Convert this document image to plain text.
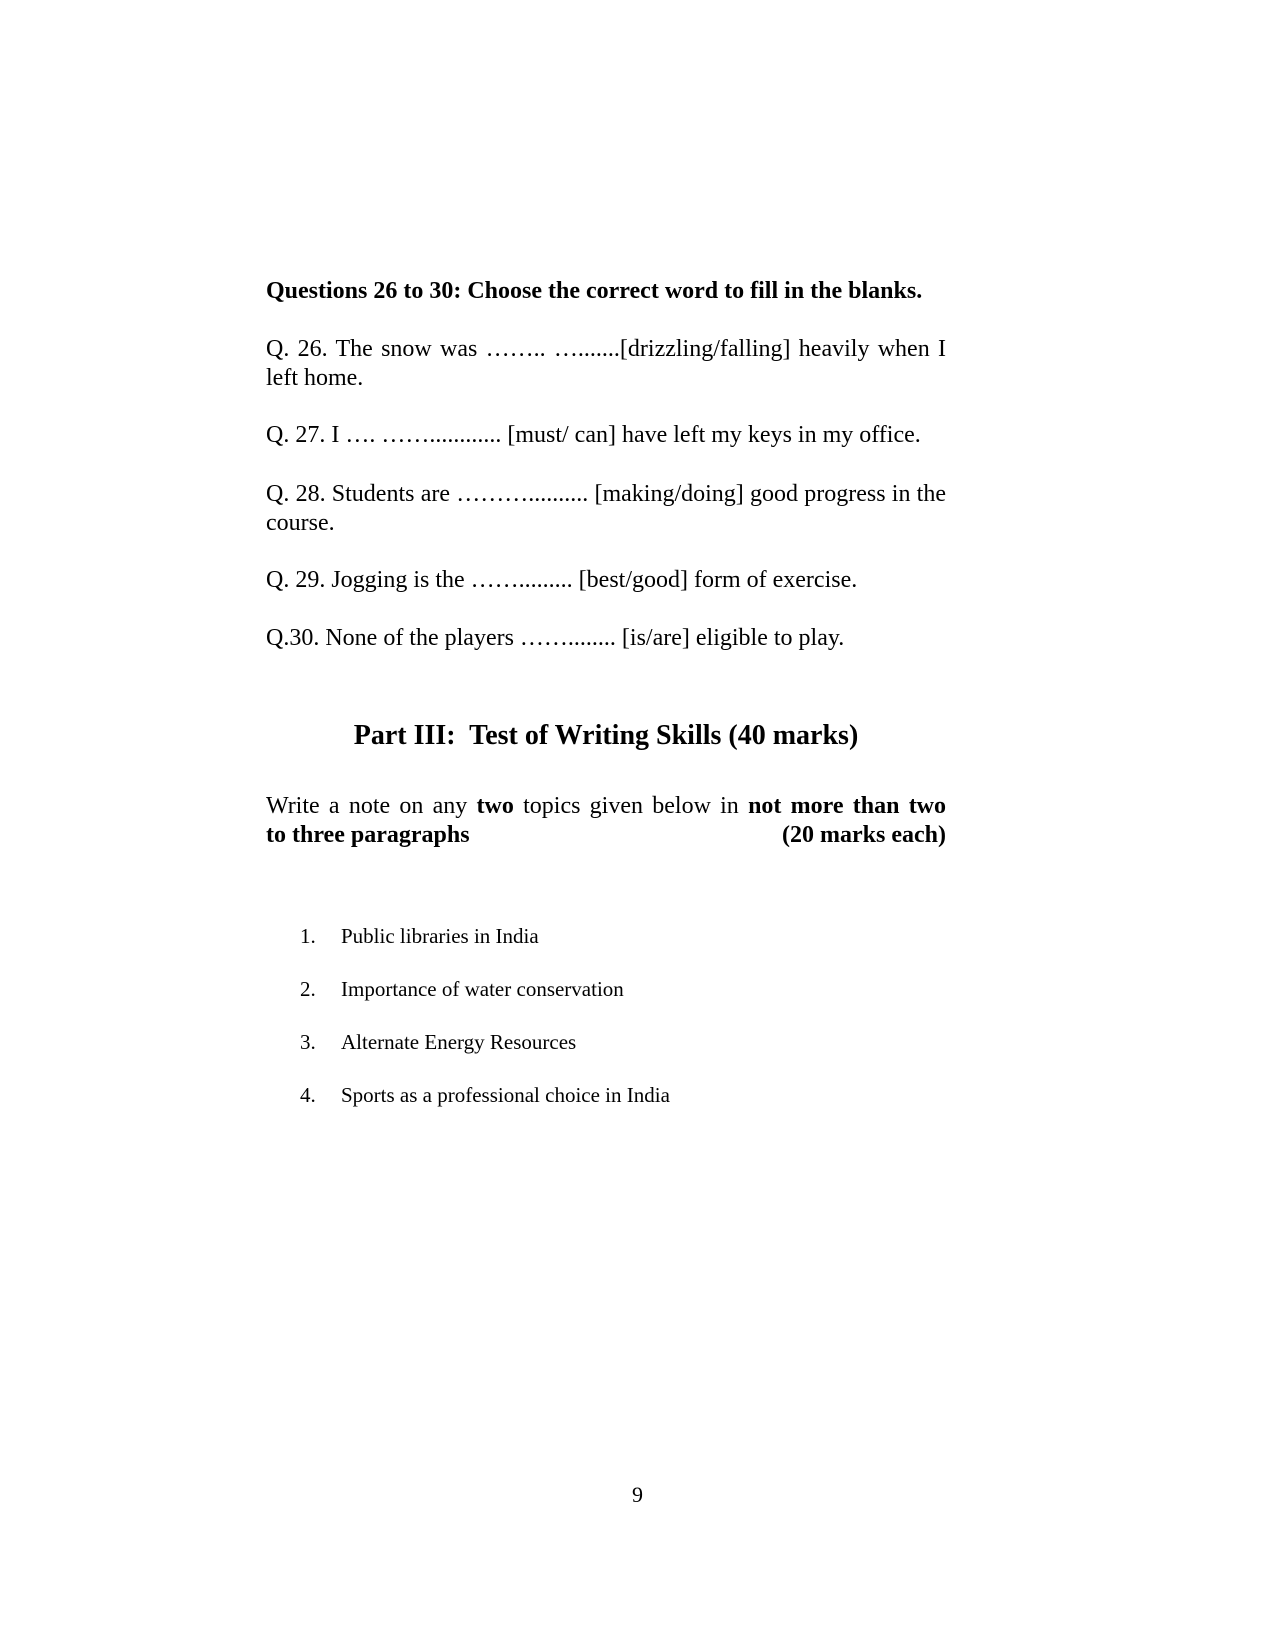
Questions 26 to 30: Choose the correct word to fill in the blanks.
Q. 26. The snow was …….. ….......[drizzling/falling] heavily when I left home.
Q. 27. I …. ……............ [must/ can] have left my keys in my office.
Q. 28. Students are ……….......... [making/doing] good progress in the course.
Q. 29. Jogging is the ……......... [best/good] form of exercise.
Q.30. None of the players ……........ [is/are] eligible to play.
Part III:  Test of Writing Skills (40 marks)
Write a note on any two topics given below in not more than two
to three paragraphs	(20 marks each)
1.	Public libraries in India
2.	Importance of water conservation
3.	Alternate Energy Resources
4.	Sports as a professional choice in India
9
